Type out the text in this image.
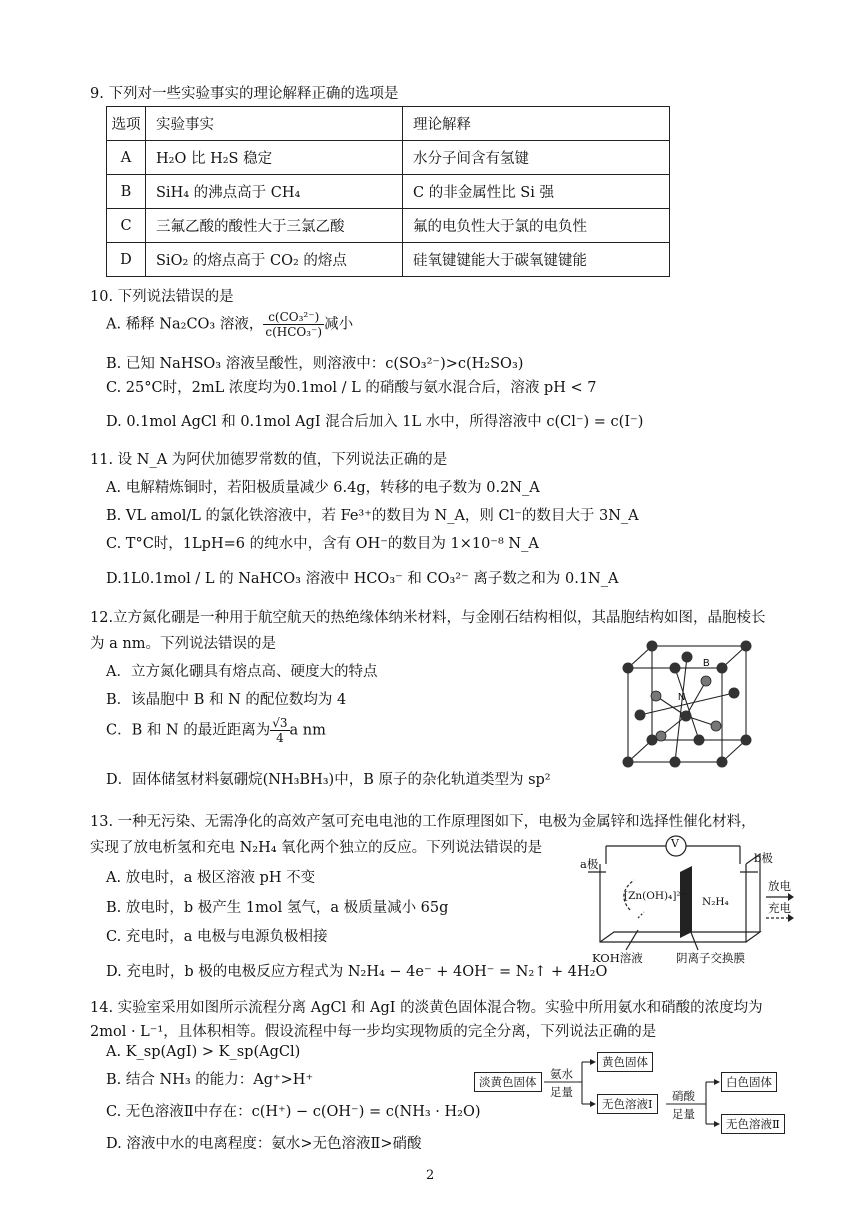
9. 下列对一些实验事实的理论解释正确的选项是
选项	实验事实	理论解释
A	H₂O 比 H₂S 稳定	水分子间含有氢键
B	SiH₄ 的沸点高于 CH₄	C 的非金属性比 Si 强
C	三氟乙酸的酸性大于三氯乙酸	氟的电负性大于氯的电负性
D	SiO₂ 的熔点高于 CO₂ 的熔点	硅氧键键能大于碳氧键键能
10. 下列说法错误的是
A. 稀释 Na₂CO₃ 溶液， $\frac{\text{c(CO₃²⁻)}}{\text{c(HCO₃⁻)}}$ 减小
B. 已知 NaHSO₃ 溶液呈酸性，则溶液中：c(SO₃²⁻)>c(H₂SO₃)
C. 25°C时，2mL 浓度均为0.1mol / L 的硝酸与氨水混合后，溶液 pH < 7
D. 0.1mol AgCl 和 0.1mol AgI 混合后加入 1L 水中，所得溶液中 c(Cl⁻) = c(I⁻)
11. 设 N_A 为阿伏加德罗常数的值，下列说法正确的是
A. 电解精炼铜时，若阳极质量减少 6.4g，转移的电子数为 0.2N_A
B. VL amol/L 的氯化铁溶液中，若 Fe³⁺的数目为 N_A，则 Cl⁻的数目大于 3N_A
C. T°C时，1LpH=6 的纯水中，含有 OH⁻的数目为 1×10⁻⁸ N_A
D.1L0.1mol / L 的 NaHCO₃ 溶液中 HCO₃⁻ 和 CO₃²⁻ 离子数之和为 0.1N_A
12.立方氮化硼是一种用于航空航天的热绝缘体纳米材料，与金刚石结构相似，其晶胞结构如图，晶胞棱长
为 a nm。下列说法错误的是
A．立方氮化硼具有熔点高、硬度大的特点
B．该晶胞中 B 和 N 的配位数均为 4
C．B 和 N 的最近距离为 $\frac{√3}{4}$ a nm
D．固体储氢材料氨硼烷(NH₃BH₃)中，B 原子的杂化轨道类型为 sp²
B
N
13. 一种无污染、无需净化的高效产氢可充电电池的工作原理图如下，电极为金属锌和选择性催化材料，
实现了放电析氢和充电 N₂H₄ 氧化两个独立的反应。下列说法错误的是
A. 放电时，a 极区溶液 pH 不变
B. 放电时，b 极产生 1mol 氢气，a 极质量减小 65g
C. 充电时，a 电极与电源负极相接
D. 充电时，b 极的电极反应方程式为 N₂H₄ − 4e⁻ + 4OH⁻ = N₂↑ + 4H₂O
a极	b极
V
[Zn(OH)₄]²⁻ N₂H₄
放电
充电
KOH溶液	阴离子交换膜
14. 实验室采用如图所示流程分离 AgCl 和 AgI 的淡黄色固体混合物。实验中所用氨水和硝酸的浓度均为
2mol · L⁻¹，且体积相等。假设流程中每一步均实现物质的完全分离，下列说法正确的是
A. K_sp(AgI) > K_sp(AgCl)
B. 结合 NH₃ 的能力：Ag⁺>H⁺
C. 无色溶液Ⅱ中存在：c(H⁺) − c(OH⁻) = c(NH₃ · H₂O)
D. 溶液中水的电离程度：氨水>无色溶液Ⅱ>硝酸
淡黄色固体
氨水
足量
黄色固体
无色溶液Ⅰ
硝酸
足量
白色固体
无色溶液Ⅱ
2
